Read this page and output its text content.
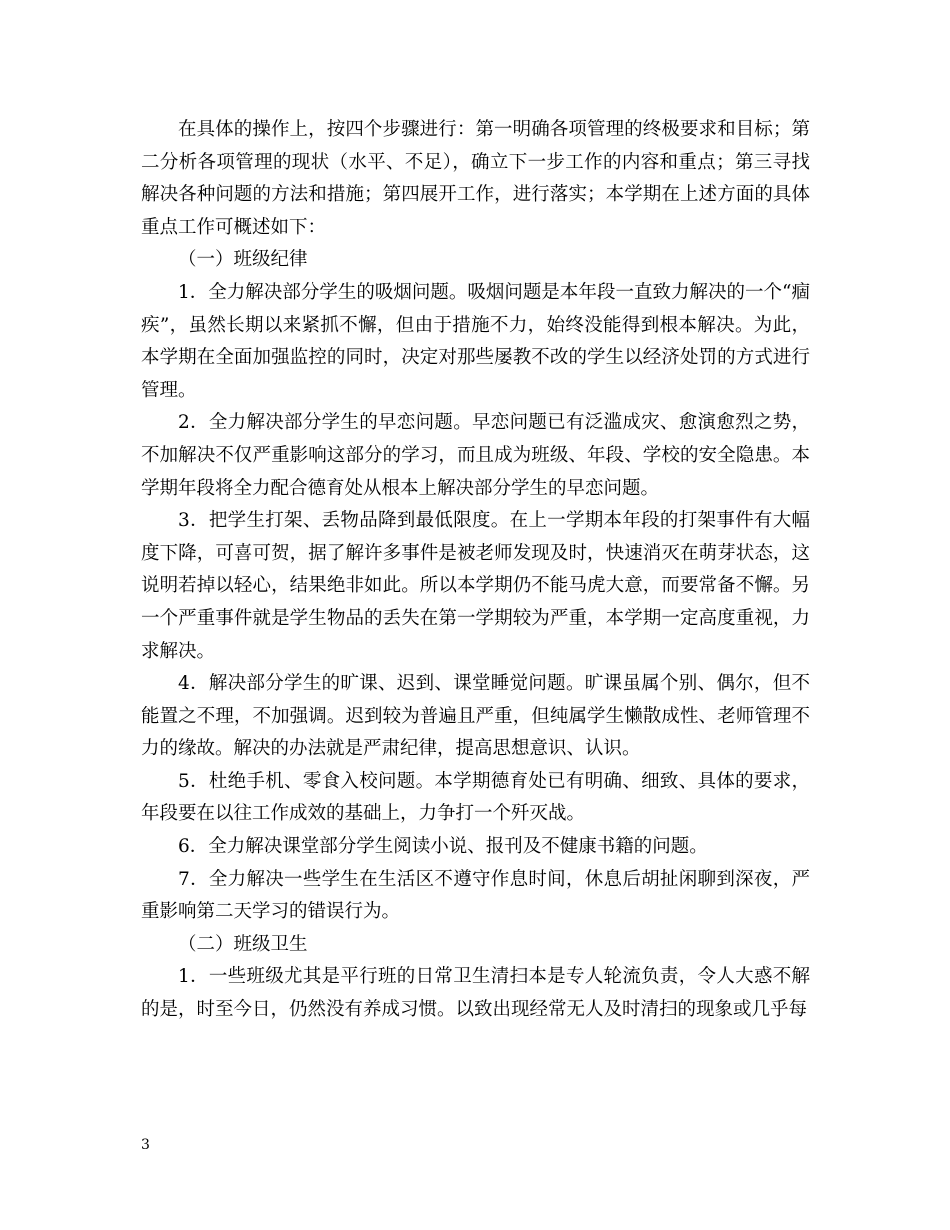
在具体的操作上，按四个步骤进行：第一明确各项管理的终极要求和目标；第二分析各项管理的现状（水平、不足），确立下一步工作的内容和重点；第三寻找解决各种问题的方法和措施；第四展开工作，进行落实；本学期在上述方面的具体重点工作可概述如下：

（一）班级纪律

1．全力解决部分学生的吸烟问题。吸烟问题是本年段一直致力解决的一个“痼疾”，虽然长期以来紧抓不懈，但由于措施不力，始终没能得到根本解决。为此，本学期在全面加强监控的同时，决定对那些屡教不改的学生以经济处罚的方式进行管理。

2．全力解决部分学生的早恋问题。早恋问题已有泛滥成灾、愈演愈烈之势，不加解决不仅严重影响这部分的学习，而且成为班级、年段、学校的安全隐患。本学期年段将全力配合德育处从根本上解决部分学生的早恋问题。

3．把学生打架、丢物品降到最低限度。在上一学期本年段的打架事件有大幅度下降，可喜可贺，据了解许多事件是被老师发现及时，快速消灭在萌芽状态，这说明若掉以轻心，结果绝非如此。所以本学期仍不能马虎大意，而要常备不懈。另一个严重事件就是学生物品的丢失在第一学期较为严重，本学期一定高度重视，力求解决。

4．解决部分学生的旷课、迟到、课堂睡觉问题。旷课虽属个别、偶尔，但不能置之不理，不加强调。迟到较为普遍且严重，但纯属学生懒散成性、老师管理不力的缘故。解决的办法就是严肃纪律，提高思想意识、认识。

5．杜绝手机、零食入校问题。本学期德育处已有明确、细致、具体的要求，年段要在以往工作成效的基础上，力争打一个歼灭战。

6．全力解决课堂部分学生阅读小说、报刊及不健康书籍的问题。

7．全力解决一些学生在生活区不遵守作息时间，休息后胡扯闲聊到深夜，严重影响第二天学习的错误行为。

（二）班级卫生

1．一些班级尤其是平行班的日常卫生清扫本是专人轮流负责，令人大惑不解的是，时至今日，仍然没有养成习惯。以致出现经常无人及时清扫的现象或几乎每

3
